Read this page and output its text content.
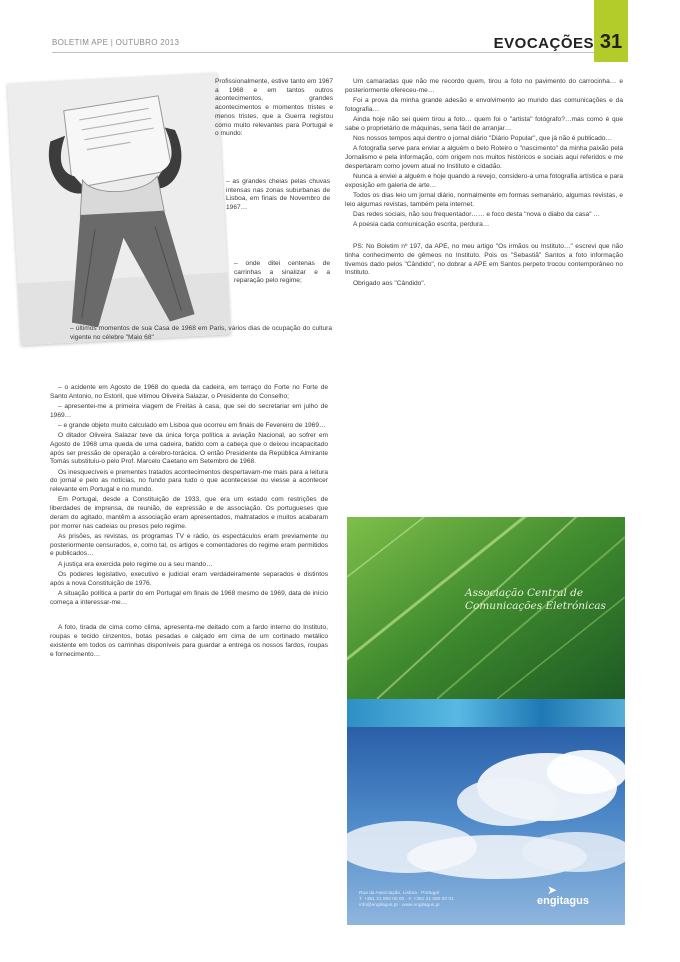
BOLETIM APE | OUTUBRO 2013	EVOCAÇÕES 31
Profissionalmente, estive tanto em 1967 a 1968 e em tantos outros acontecimentos, grandes acontecimentos e momentos tristes e menos tristes, que a Guerra registou como muito relevantes para Portugal e o mundo:
– as grandes cheias pelas chuvas intensas nas zonas suburbanas de Lisboa, em finais de Novembro de 1967…
– onde ditei centenas de carrinhas a sinalizar e a reparação pelo regime;
– últimos momentos de sua Casa de 1968 em Paris, vários dias de ocupação do cultura vigente no célebre "Maio 68"

– o acidente em Agosto de 1968 do queda da cadeira, em terraço do Forte no Forte de Santo Antonio, no Estoril, que vitimou Oliveira Salazar, o Presidente do Conselho;

– apresentei-me a primeira viagem de Freitas à casa, que sei do secretariar em julho de 1969…

– e grande objeto muito calculado em Lisboa que ocorreu em finais de Fevereiro de 1969…

O ditador Oliveira Salazar teve da única força política a aviação Nacional, ao sofrer em Agosto de 1968 uma queda de uma cadeira, batido com a cabeça que o deixou incapacitado após ser pressão de operação a cérebro-torácica. O então Presidente da República Almirante Tomás substituiu-o pelo Prof. Marcelo Caetano em Setembro de 1968.

Os inesquecíveis e prementes tratados acontecimentos despertavam-me mais para a leitura do jornal e pelo as notícias, no fundo para tudo o que acontecesse ou viesse a acontecer relevante em Portugal e no mundo.

Em Portugal, desde a Constituição de 1933, que era um estado com restrições de liberdades de imprensa, de reunião, de expressão e de associação. Os portugueses que deram do agitado, mantêm a associação eram apresentados, maltratados e muitos acabaram por morrer nas cadeias ou presos pelo regime.

As prisões, as revistas, os programas TV e rádio, os espectáculos eram previamente ou posteriormente censurados, e, como tal, os artigos e comentadores do regime eram permitidos e publicados…

A justiça era exercida pelo regime ou a seu mando…

Os poderes legislativo, executivo e judicial eram verdadeiramente separados e distintos após a nova Constituição de 1976.

A situação política a partir do em Portugal em finais de 1968 mesmo de 1969, data de início começa a interessar-me…

A foto, tirada de cima como clima, apresenta-me deitado com a fardo interno do Instituto, roupas e tecido cinzentos, botas pesadas e calçado em cima de um cortinado metálico existente em todos os carrinhas disponíveis para guardar a entrega os nossos fardos, roupas e fornecimento…

Um camaradas que não me recordo quem, tirou a foto no pavimento do carrocinha… e posteriormente ofereceu-me…

Foi a prova da minha grande adesão e envolvimento ao mundo das comunicações e da fotografia…

Ainda hoje não sei quem tirou a foto… quem foi o "artista" fotógrafo?…mas como é que sabe o proprietário de máquinas, seria fácil de arranjar…

Nos nossos tempos aqui dentro o jornal diário "Diário Popular", que já não é publicado…

A fotografia serve para enviar a alguém o belo Roteiro o "nascimento" da minha paixão pela Jornalismo e pela informação, com origem nos muitos históricos e sociais aqui referidos e me despertaram como jovem atual no Instituto e cidadão.

Nunca a enviei a alguém e hoje quando a revejo, considero-a uma fotografia artística e para exposição em galeria de arte…

Todos os dias leio um jornal diário, normalmente em formas semanário, algumas revistas, e leio algumas revistas, também pela internet.

Das redes sociais, não sou frequentador…… e foco desta "nova o diabo da casa" …

A poesia cada comunicação escrita, perdura…

PS: No Boletim nº 197, da APE, no meu artigo "Os irmãos ou Instituto…" escrevi que não tinha conhecimento de gêmeos no Instituto. Pois os "Sebastiã" Santos a foto informação tivemos dado pelos "Cândido", no dobrar a APE em Santos perpeto trocou contemporâneo no Instituto.

Obrigado aos "Cândido".

Associação Central de Comunicações Eletrónicas
Rua da Associação, Lisboa · Portugal
T. +351 21 000 00 00 · F. +351 21 000 00 01
info@engitagus.pt · www.engitagus.pt
➤
engitagus
